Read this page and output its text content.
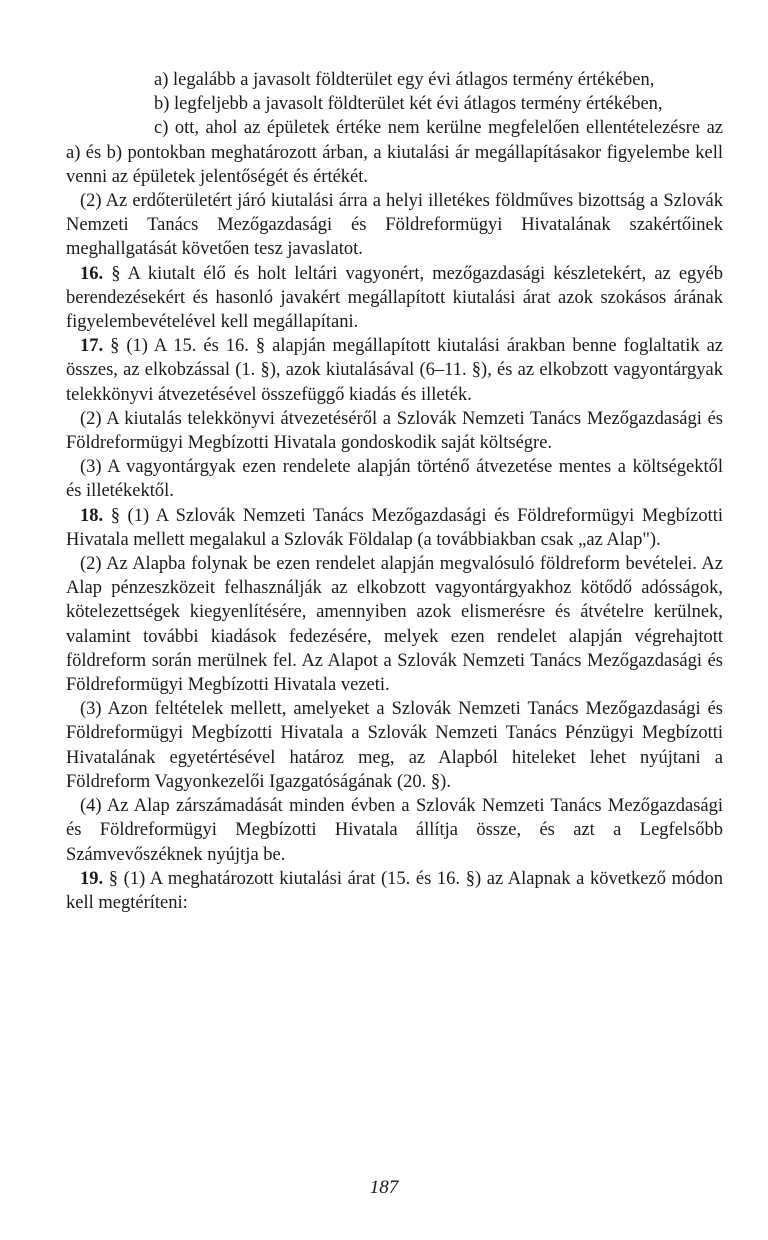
a) legalább a javasolt földterület egy évi átlagos termény értékében,

b) legfeljebb a javasolt földterület két évi átlagos termény értékében,

c) ott, ahol az épületek értéke nem kerülne megfelelően ellentételezésre az a) és b) pontokban meghatározott árban, a kiutalási ár megállapításakor figyelembe kell venni az épületek jelentőségét és értékét.

(2) Az erdőterületért járó kiutalási árra a helyi illetékes földműves bizottság a Szlovák Nemzeti Tanács Mezőgazdasági és Földreformügyi Hivatalának szakértőinek meghallgatását követően tesz javaslatot.

16. § A kiutalt élő és holt leltári vagyonért, mezőgazdasági készletekért, az egyéb berendezésekért és hasonló javakért megállapított kiutalási árat azok szokásos árának figyelembevételével kell megállapítani.

17. § (1) A 15. és 16. § alapján megállapított kiutalási árakban benne foglaltatik az összes, az elkobzással (1. §), azok kiutalásával (6–11. §), és az elkobzott vagyontárgyak telekkönyvi átvezetésével összefüggő kiadás és illeték.

(2) A kiutalás telekkönyvi átvezetéséről a Szlovák Nemzeti Tanács Mezőgazdasági és Földreformügyi Megbízotti Hivatala gondoskodik saját költségre.

(3) A vagyontárgyak ezen rendelete alapján történő átvezetése mentes a költségektől és illetékektől.

18. § (1) A Szlovák Nemzeti Tanács Mezőgazdasági és Földreformügyi Megbízotti Hivatala mellett megalakul a Szlovák Földalap (a továbbiakban csak „az Alap").

(2) Az Alapba folynak be ezen rendelet alapján megvalósuló földreform bevételei. Az Alap pénzeszközeit felhasználják az elkobzott vagyontárgyakhoz kötődő adósságok, kötelezettségek kiegyenlítésére, amennyiben azok elismerésre és átvételre kerülnek, valamint további kiadások fedezésére, melyek ezen rendelet alapján végrehajtott földreform során merülnek fel. Az Alapot a Szlovák Nemzeti Tanács Mezőgazdasági és Földreformügyi Megbízotti Hivatala vezeti.

(3) Azon feltételek mellett, amelyeket a Szlovák Nemzeti Tanács Mezőgazdasági és Földreformügyi Megbízotti Hivatala a Szlovák Nemzeti Tanács Pénzügyi Megbízotti Hivatalának egyetértésével határoz meg, az Alapból hiteleket lehet nyújtani a Földreform Vagyonkezelői Igazgatóságának (20. §).

(4) Az Alap zárszámadását minden évben a Szlovák Nemzeti Tanács Mezőgazdasági és Földreformügyi Megbízotti Hivatala állítja össze, és azt a Legfelsőbb Számvevőszéknek nyújtja be.

19. § (1) A meghatározott kiutalási árat (15. és 16. §) az Alapnak a következő módon kell megtéríteni:

187
